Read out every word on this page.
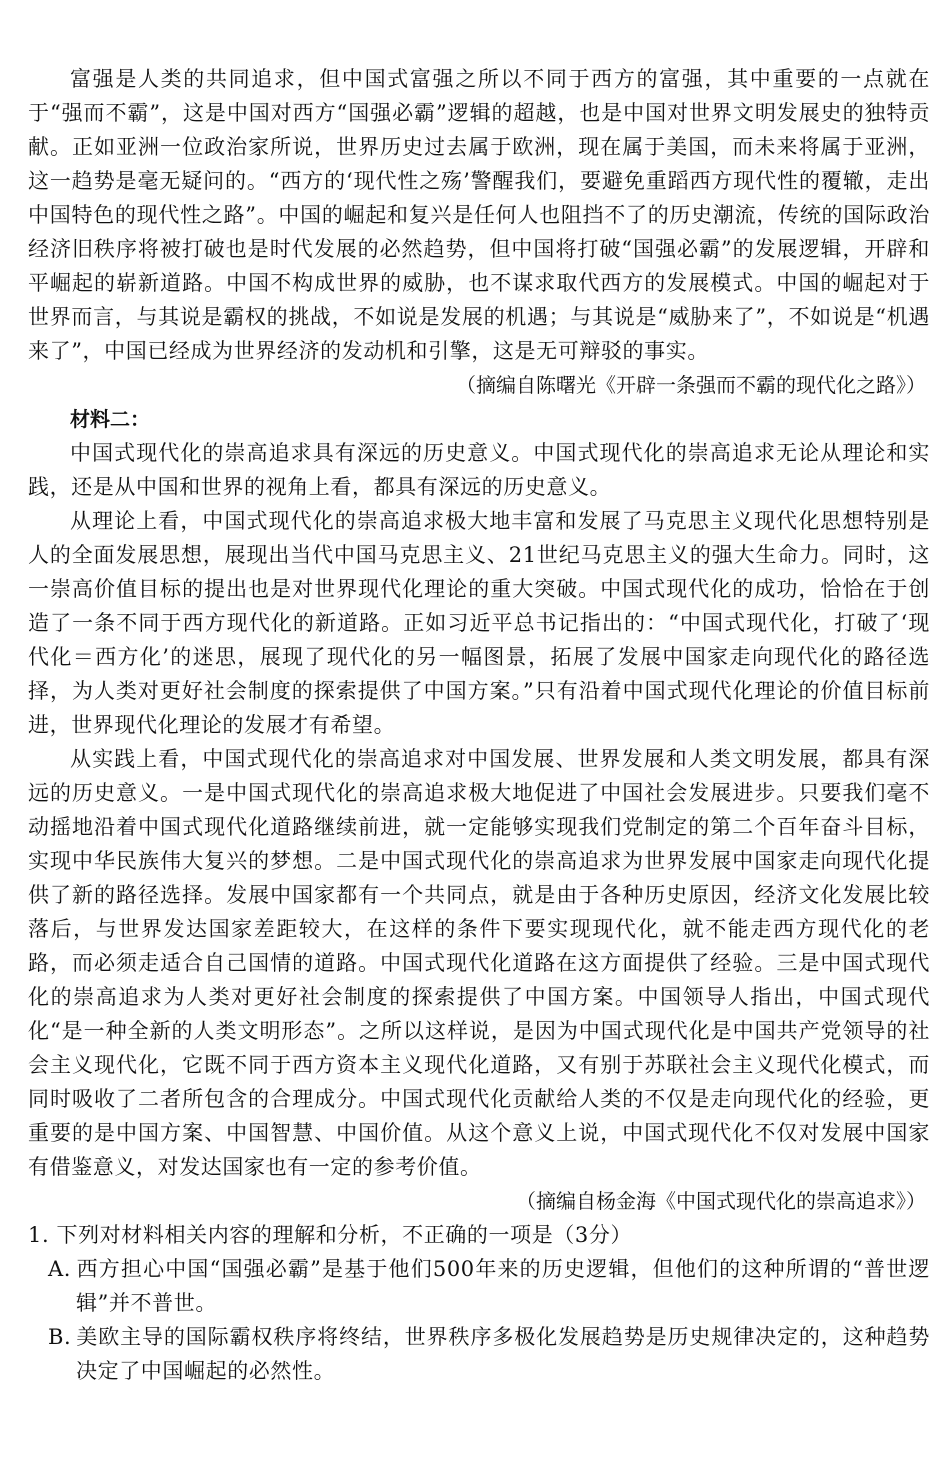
富强是人类的共同追求，但中国式富强之所以不同于西方的富强，其中重要的一点就在于“强而不霸”，这是中国对西方“国强必霸”逻辑的超越，也是中国对世界文明发展史的独特贡献。正如亚洲一位政治家所说，世界历史过去属于欧洲，现在属于美国，而未来将属于亚洲，这一趋势是毫无疑问的。“西方的‘现代性之殇’警醒我们，要避免重蹈西方现代性的覆辙，走出中国特色的现代性之路”。中国的崛起和复兴是任何人也阻挡不了的历史潮流，传统的国际政治经济旧秩序将被打破也是时代发展的必然趋势，但中国将打破“国强必霸”的发展逻辑，开辟和平崛起的崭新道路。中国不构成世界的威胁，也不谋求取代西方的发展模式。中国的崛起对于世界而言，与其说是霸权的挑战，不如说是发展的机遇；与其说是“威胁来了”，不如说是“机遇来了”，中国已经成为世界经济的发动机和引擎，这是无可辩驳的事实。

（摘编自陈曙光《开辟一条强而不霸的现代化之路》）

材料二：

中国式现代化的崇高追求具有深远的历史意义。中国式现代化的崇高追求无论从理论和实践，还是从中国和世界的视角上看，都具有深远的历史意义。

从理论上看，中国式现代化的崇高追求极大地丰富和发展了马克思主义现代化思想特别是人的全面发展思想，展现出当代中国马克思主义、21世纪马克思主义的强大生命力。同时，这一崇高价值目标的提出也是对世界现代化理论的重大突破。中国式现代化的成功，恰恰在于创造了一条不同于西方现代化的新道路。正如习近平总书记指出的：“中国式现代化，打破了‘现代化＝西方化’的迷思，展现了现代化的另一幅图景，拓展了发展中国家走向现代化的路径选择，为人类对更好社会制度的探索提供了中国方案。”只有沿着中国式现代化理论的价值目标前进，世界现代化理论的发展才有希望。

从实践上看，中国式现代化的崇高追求对中国发展、世界发展和人类文明发展，都具有深远的历史意义。一是中国式现代化的崇高追求极大地促进了中国社会发展进步。只要我们毫不动摇地沿着中国式现代化道路继续前进，就一定能够实现我们党制定的第二个百年奋斗目标，实现中华民族伟大复兴的梦想。二是中国式现代化的崇高追求为世界发展中国家走向现代化提供了新的路径选择。发展中国家都有一个共同点，就是由于各种历史原因，经济文化发展比较落后，与世界发达国家差距较大，在这样的条件下要实现现代化，就不能走西方现代化的老路，而必须走适合自己国情的道路。中国式现代化道路在这方面提供了经验。三是中国式现代化的崇高追求为人类对更好社会制度的探索提供了中国方案。中国领导人指出，中国式现代化“是一种全新的人类文明形态”。之所以这样说，是因为中国式现代化是中国共产党领导的社会主义现代化，它既不同于西方资本主义现代化道路，又有别于苏联社会主义现代化模式，而同时吸收了二者所包含的合理成分。中国式现代化贡献给人类的不仅是走向现代化的经验，更重要的是中国方案、中国智慧、中国价值。从这个意义上说，中国式现代化不仅对发展中国家有借鉴意义，对发达国家也有一定的参考价值。

（摘编自杨金海《中国式现代化的崇高追求》）

1. 下列对材料相关内容的理解和分析，不正确的一项是（3分）

A. 西方担心中国“国强必霸”是基于他们500年来的历史逻辑，但他们的这种所谓的“普世逻辑”并不普世。

B. 美欧主导的国际霸权秩序将终结，世界秩序多极化发展趋势是历史规律决定的，这种趋势决定了中国崛起的必然性。
